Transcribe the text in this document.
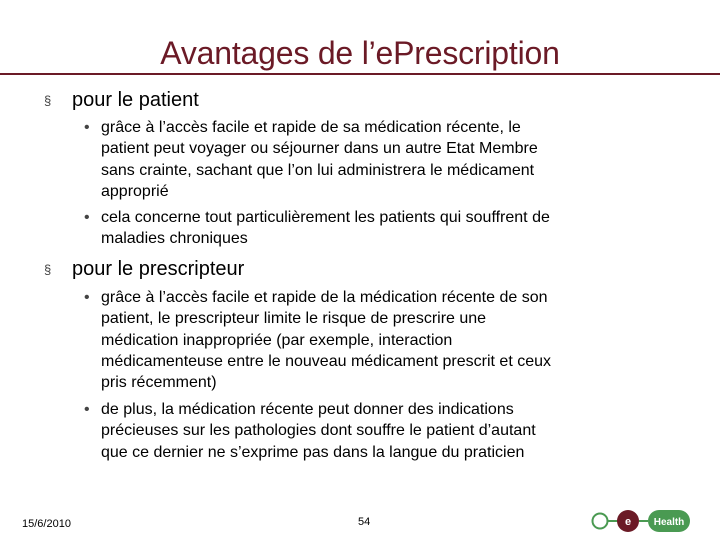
Avantages de l’ePrescription
§ pour le patient
• grâce à l’accès facile et rapide de sa médication récente, le
patient peut voyager ou séjourner dans un autre Etat Membre
sans crainte, sachant que l’on lui administrera le médicament
approprié
• cela concerne tout particulièrement les patients qui souffrent de
maladies chroniques
§ pour le prescripteur
• grâce à l’accès facile et rapide de la médication récente de son
patient, le prescripteur limite le risque de prescrire une
médication inappropriée (par exemple, interaction
médicamenteuse entre le nouveau médicament prescrit et ceux
pris récemment)
• de plus, la médication récente peut donner des indications
précieuses sur les pathologies dont souffre le patient d’autant
que ce dernier ne s’exprime pas dans la langue du praticien
15/6/2010	54	e Health
